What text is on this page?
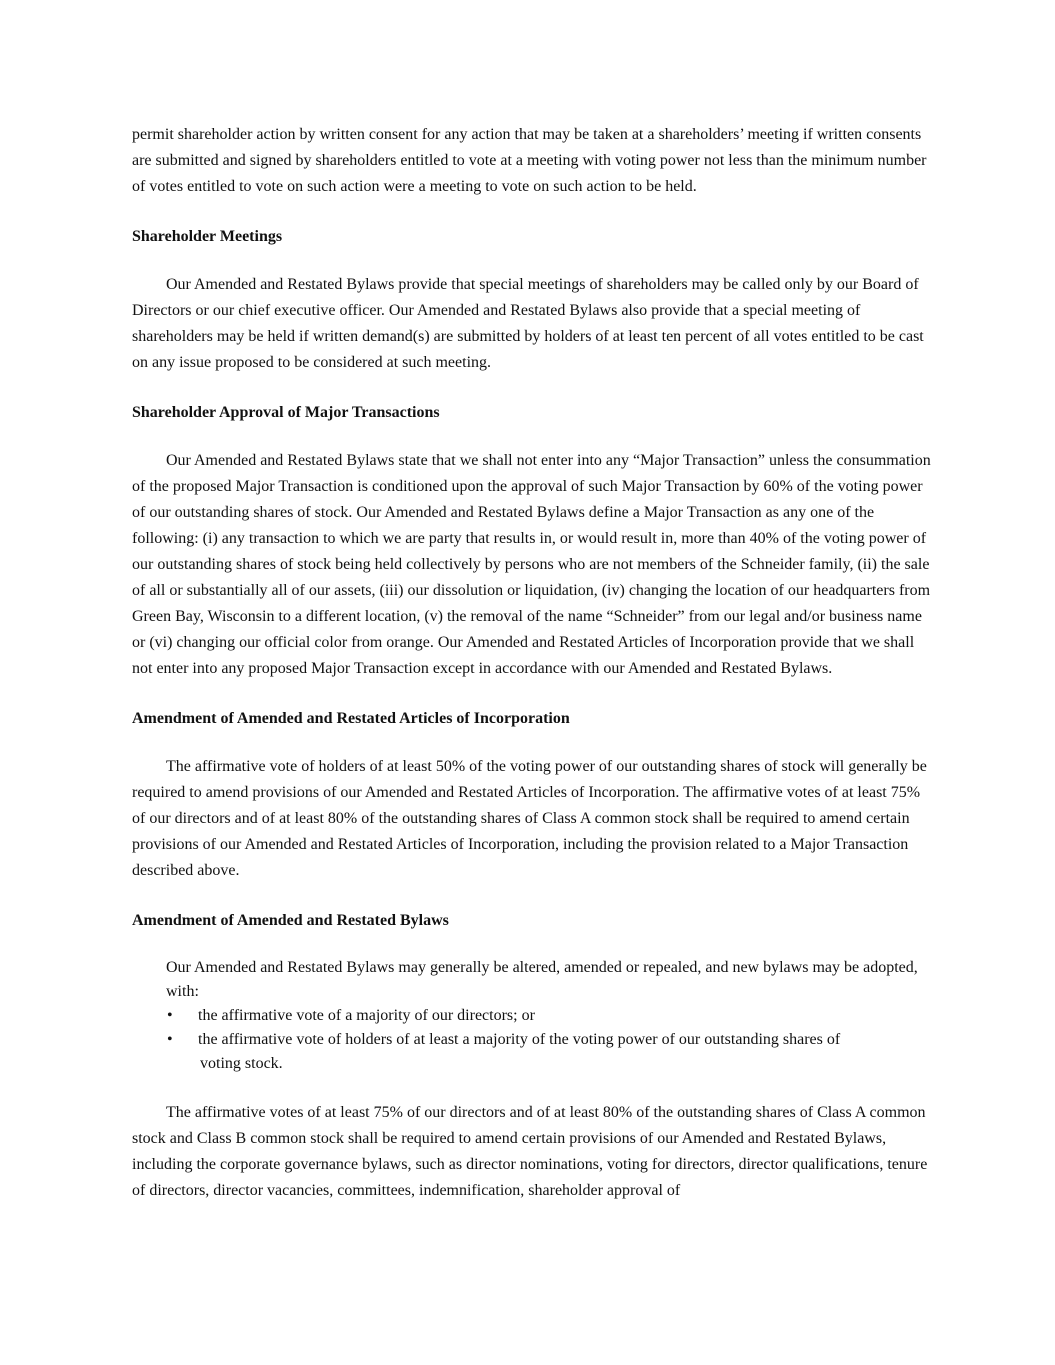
permit shareholder action by written consent for any action that may be taken at a shareholders’ meeting if written consents are submitted and signed by shareholders entitled to vote at a meeting with voting power not less than the minimum number of votes entitled to vote on such action were a meeting to vote on such action to be held.

Shareholder Meetings

Our Amended and Restated Bylaws provide that special meetings of shareholders may be called only by our Board of Directors or our chief executive officer. Our Amended and Restated Bylaws also provide that a special meeting of shareholders may be held if written demand(s) are submitted by holders of at least ten percent of all votes entitled to be cast on any issue proposed to be considered at such meeting.

Shareholder Approval of Major Transactions

Our Amended and Restated Bylaws state that we shall not enter into any “Major Transaction” unless the consummation of the proposed Major Transaction is conditioned upon the approval of such Major Transaction by 60% of the voting power of our outstanding shares of stock. Our Amended and Restated Bylaws define a Major Transaction as any one of the following: (i) any transaction to which we are party that results in, or would result in, more than 40% of the voting power of our outstanding shares of stock being held collectively by persons who are not members of the Schneider family, (ii) the sale of all or substantially all of our assets, (iii) our dissolution or liquidation, (iv) changing the location of our headquarters from Green Bay, Wisconsin to a different location, (v) the removal of the name “Schneider” from our legal and/or business name or (vi) changing our official color from orange. Our Amended and Restated Articles of Incorporation provide that we shall not enter into any proposed Major Transaction except in accordance with our Amended and Restated Bylaws.

Amendment of Amended and Restated Articles of Incorporation

The affirmative vote of holders of at least 50% of the voting power of our outstanding shares of stock will generally be required to amend provisions of our Amended and Restated Articles of Incorporation. The affirmative votes of at least 75% of our directors and of at least 80% of the outstanding shares of Class A common stock shall be required to amend certain provisions of our Amended and Restated Articles of Incorporation, including the provision related to a Major Transaction described above.

Amendment of Amended and Restated Bylaws

Our Amended and Restated Bylaws may generally be altered, amended or repealed, and new bylaws may be adopted, with:

• the affirmative vote of a majority of our directors; or
• the affirmative vote of holders of at least a majority of the voting power of our outstanding shares of
voting stock.

The affirmative votes of at least 75% of our directors and of at least 80% of the outstanding shares of Class A common stock and Class B common stock shall be required to amend certain provisions of our Amended and Restated Bylaws, including the corporate governance bylaws, such as director nominations, voting for directors, director qualifications, tenure of directors, director vacancies, committees, indemnification, shareholder approval of
